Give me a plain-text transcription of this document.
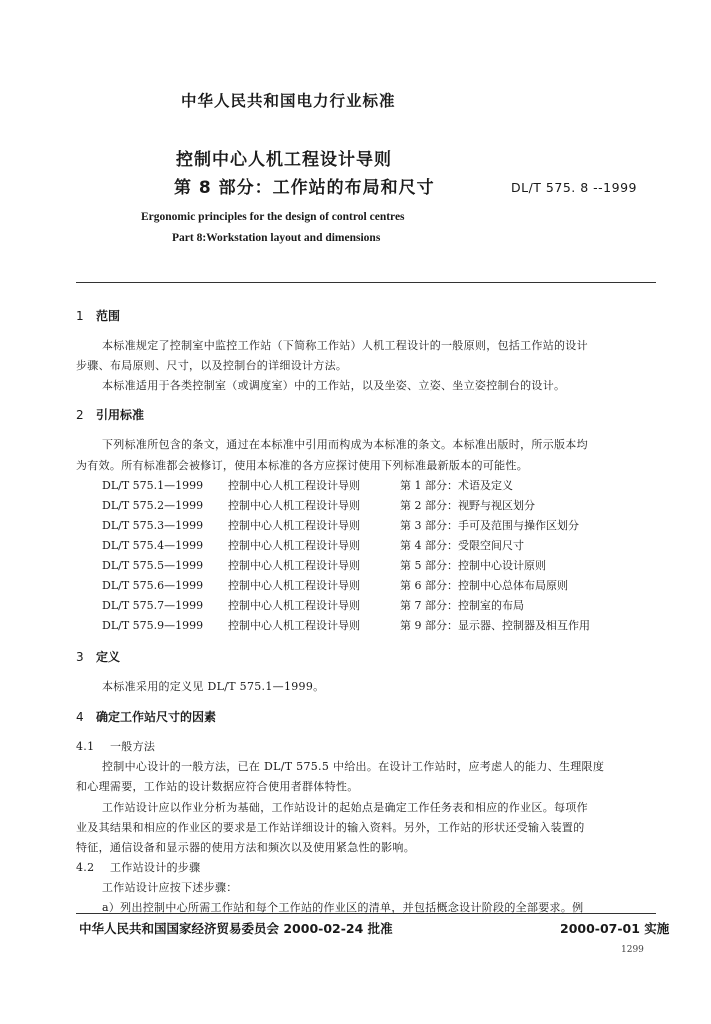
中华人民共和国电力行业标准
控制中心人机工程设计导则
第 8 部分：工作站的布局和尺寸	DL/T 575. 8 --1999
Ergonomic principles for the design of control centres
Part 8:Workstation layout and dimensions
1 范围
本标准规定了控制室中监控工作站（下简称工作站）人机工程设计的一般原则，包括工作站的设计
步骤、布局原则、尺寸，以及控制台的详细设计方法。
本标准适用于各类控制室（或调度室）中的工作站，以及坐姿、立姿、坐立姿控制台的设计。
2 引用标准
下列标准所包含的条文，通过在本标准中引用而构成为本标准的条文。本标准出版时，所示版本均
为有效。所有标准都会被修订，使用本标准的各方应探讨使用下列标准最新版本的可能性。
DL/T 575.1—1999 控制中心人机工程设计导则	第 1 部分：术语及定义
DL/T 575.2—1999 控制中心人机工程设计导则	第 2 部分：视野与视区划分
DL/T 575.3—1999 控制中心人机工程设计导则	第 3 部分：手可及范围与操作区划分
DL/T 575.4—1999 控制中心人机工程设计导则	第 4 部分：受限空间尺寸
DL/T 575.5—1999 控制中心人机工程设计导则	第 5 部分：控制中心设计原则
DL/T 575.6—1999 控制中心人机工程设计导则	第 6 部分：控制中心总体布局原则
DL/T 575.7—1999 控制中心人机工程设计导则	第 7 部分：控制室的布局
DL/T 575.9—1999 控制中心人机工程设计导则	第 9 部分：显示器、控制器及相互作用
3 定义
本标准采用的定义见 DL/T 575.1—1999。
4 确定工作站尺寸的因素
4.1 一般方法
控制中心设计的一般方法，已在 DL/T 575.5 中给出。在设计工作站时，应考虑人的能力、生理限度
和心理需要，工作站的设计数据应符合使用者群体特性。
工作站设计应以作业分析为基础，工作站设计的起始点是确定工作任务表和相应的作业区。每项作
业及其结果和相应的作业区的要求是工作站详细设计的输入资料。另外，工作站的形状还受输入装置的
特征，通信设备和显示器的使用方法和频次以及使用紧急性的影响。
4.2 工作站设计的步骤
工作站设计应按下述步骤：
a）列出控制中心所需工作站和每个工作站的作业区的清单，并包括概念设计阶段的全部要求。例
中华人民共和国国家经济贸易委员会 2000-02-24 批准	2000-07-01 实施
1299
